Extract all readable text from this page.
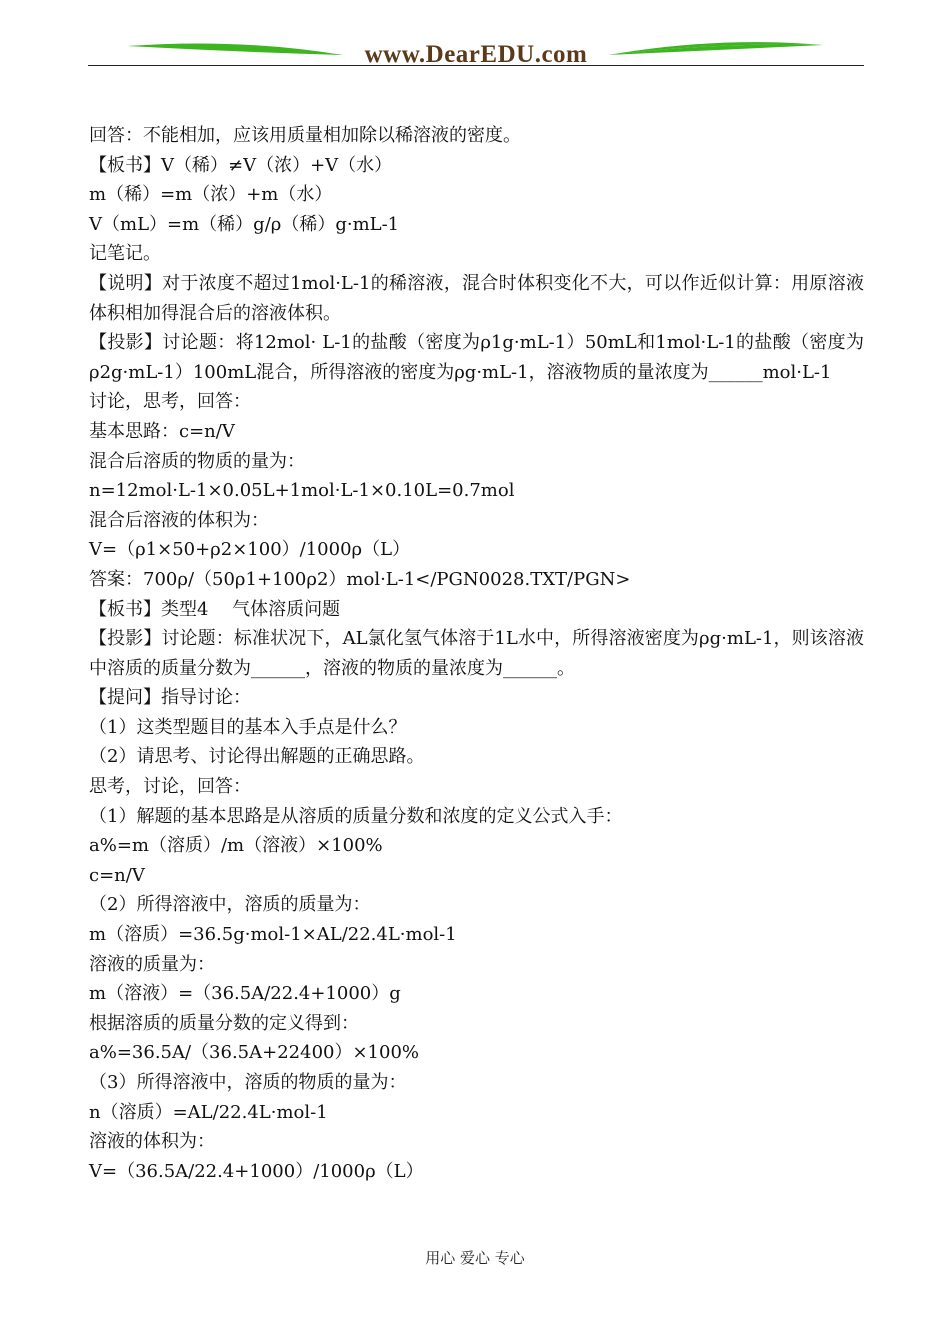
www.DearEDU.com
回答：不能相加，应该用质量相加除以稀溶液的密度。
【板书】V（稀）≠V（浓）+V（水）
m（稀）=m（浓）+m（水）
V（mL）=m（稀）g/ρ（稀）g·mL-1
记笔记。
【说明】对于浓度不超过1mol·L-1的稀溶液，混合时体积变化不大，可以作近似计算：用原溶液体积相加得混合后的溶液体积。
【投影】讨论题：将12mol· L-1的盐酸（密度为ρ1g·mL-1）50mL和1mol·L-1的盐酸（密度为ρ2g·mL-1）100mL混合，所得溶液的密度为ρg·mL-1，溶液物质的量浓度为______mol·L-1
讨论，思考，回答：
基本思路：c=n/V
混合后溶质的物质的量为：
n=12mol·L-1×0.05L+1mol·L-1×0.10L=0.7mol
混合后溶液的体积为：
V=（ρ1×50+ρ2×100）/1000ρ（L）
答案：700ρ/（50ρ1+100ρ2）mol·L-1</PGN0028.TXT/PGN>
【板书】类型4　 气体溶质问题
【投影】讨论题：标准状况下，AL氯化氢气体溶于1L水中，所得溶液密度为ρg·mL-1，则该溶液中溶质的质量分数为______，溶液的物质的量浓度为______。
【提问】指导讨论：
（1）这类型题目的基本入手点是什么？
（2）请思考、讨论得出解题的正确思路。
思考，讨论，回答：
（1）解题的基本思路是从溶质的质量分数和浓度的定义公式入手：
a%=m（溶质）/m（溶液）×100%
c=n/V
（2）所得溶液中，溶质的质量为：
m（溶质）=36.5g·mol-1×AL/22.4L·mol-1
溶液的质量为：
m（溶液）=（36.5A/22.4+1000）g
根据溶质的质量分数的定义得到：
a%=36.5A/（36.5A+22400）×100%
（3）所得溶液中，溶质的物质的量为：
n（溶质）=AL/22.4L·mol-1
溶液的体积为：
V=（36.5A/22.4+1000）/1000ρ（L）
用心 爱心 专心
